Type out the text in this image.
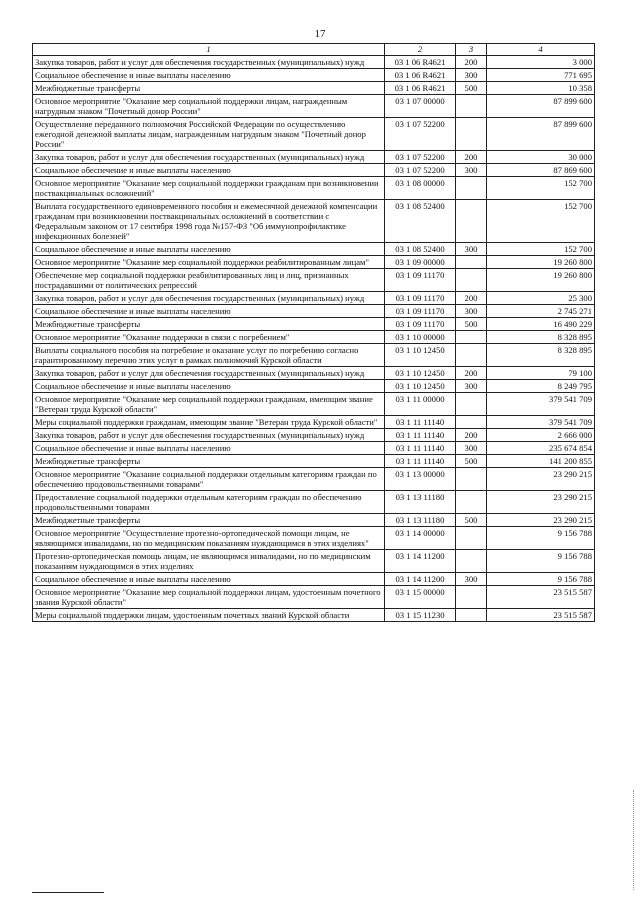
17
1	2	3	4
Закупка товаров, работ и услуг для обеспечения государственных (муниципальных) нужд	03 1 06 R4621	200	3 000
Социальное обеспечение и иные выплаты населению	03 1 06 R4621	300	771 695
Межбюджетные трансферты	03 1 06 R4621	500	10 358
Основное мероприятие "Оказание мер социальной поддержки лицам, награжденным нагрудным знаком "Почетный донор России"	03 1 07 00000		87 899 600
Осуществление переданного полномочия Российской Федерации по осуществлению ежегодной денежной выплаты лицам, награжденным нагрудным знаком "Почетный донор России"	03 1 07 52200		87 899 600
Закупка товаров, работ и услуг для обеспечения государственных (муниципальных) нужд	03 1 07 52200	200	30 000
Социальное обеспечение и иные выплаты населению	03 1 07 52200	300	87 869 600
Основное мероприятие "Оказание мер социальной поддержки гражданам при возникновении поствакцинальных осложнений"	03 1 08 00000		152 700
Выплата государственного единовременного пособия и ежемесячной денежной компенсации гражданам при возникновении поствакцинальных осложнений в соответствии с Федеральным законом от 17 сентября 1998 года №157-ФЗ "Об иммунопрофилактике инфекционных болезней"	03 1 08 52400		152 700
Социальное обеспечение и иные выплаты населению	03 1 08 52400	300	152 700
Основное мероприятие "Оказание мер социальной поддержки реабилитированным лицам"	03 1 09 00000		19 260 800
Обеспечение мер социальной поддержки реабилитированных лиц и лиц, признанных пострадавшими от политических репрессий	03 1 09 11170		19 260 800
Закупка товаров, работ и услуг для обеспечения государственных (муниципальных) нужд	03 1 09 11170	200	25 300
Социальное обеспечение и иные выплаты населению	03 1 09 11170	300	2 745 271
Межбюджетные трансферты	03 1 09 11170	500	16 490 229
Основное мероприятие "Оказание поддержки в связи с погребением"	03 1 10 00000		8 328 895
Выплаты социального пособия на погребение и оказание услуг по погребению согласно гарантированному перечню этих услуг в рамках полномочий Курской области	03 1 10 12450		8 328 895
Закупка товаров, работ и услуг для обеспечения государственных (муниципальных) нужд	03 1 10 12450	200	79 100
Социальное обеспечение и иные выплаты населению	03 1 10 12450	300	8 249 795
Основное мероприятие "Оказание мер социальной поддержки гражданам, имеющим звание "Ветеран труда Курской области"	03 1 11 00000		379 541 709
Меры социальной поддержки гражданам, имеющим звание "Ветеран труда Курской области"	03 1 11 11140		379 541 709
Закупка товаров, работ и услуг для обеспечения государственных (муниципальных) нужд	03 1 11 11140	200	2 666 000
Социальное обеспечение и иные выплаты населению	03 1 11 11140	300	235 674 854
Межбюджетные трансферты	03 1 11 11140	500	141 200 855
Основное мероприятие "Оказание социальной поддержки отдельным категориям граждан по обеспечению продовольственными товарами"	03 1 13 00000		23 290 215
Предоставление социальной поддержки отдельным категориям граждан по обеспечению продовольственными товарами	03 1 13 11180		23 290 215
Межбюджетные трансферты	03 1 13 11180	500	23 290 215
Основное мероприятие "Осуществление протезно-ортопедической помощи лицам, не являющимся инвалидами, но по медицинским показаниям нуждающимся в этих изделиях"	03 1 14 00000		9 156 788
Протезно-ортопедическая помощь лицам, не являющимся инвалидами, но по медицинским показаниям нуждающимся в этих изделиях	03 1 14 11200		9 156 788
Социальное обеспечение и иные выплаты населению	03 1 14 11200	300	9 156 788
Основное мероприятие "Оказание мер социальной поддержки лицам, удостоенным почетного звания Курской области"	03 1 15 00000		23 515 587
Меры социальной поддержки лицам, удостоенным почетных званий Курской области	03 1 15 11230		23 515 587
